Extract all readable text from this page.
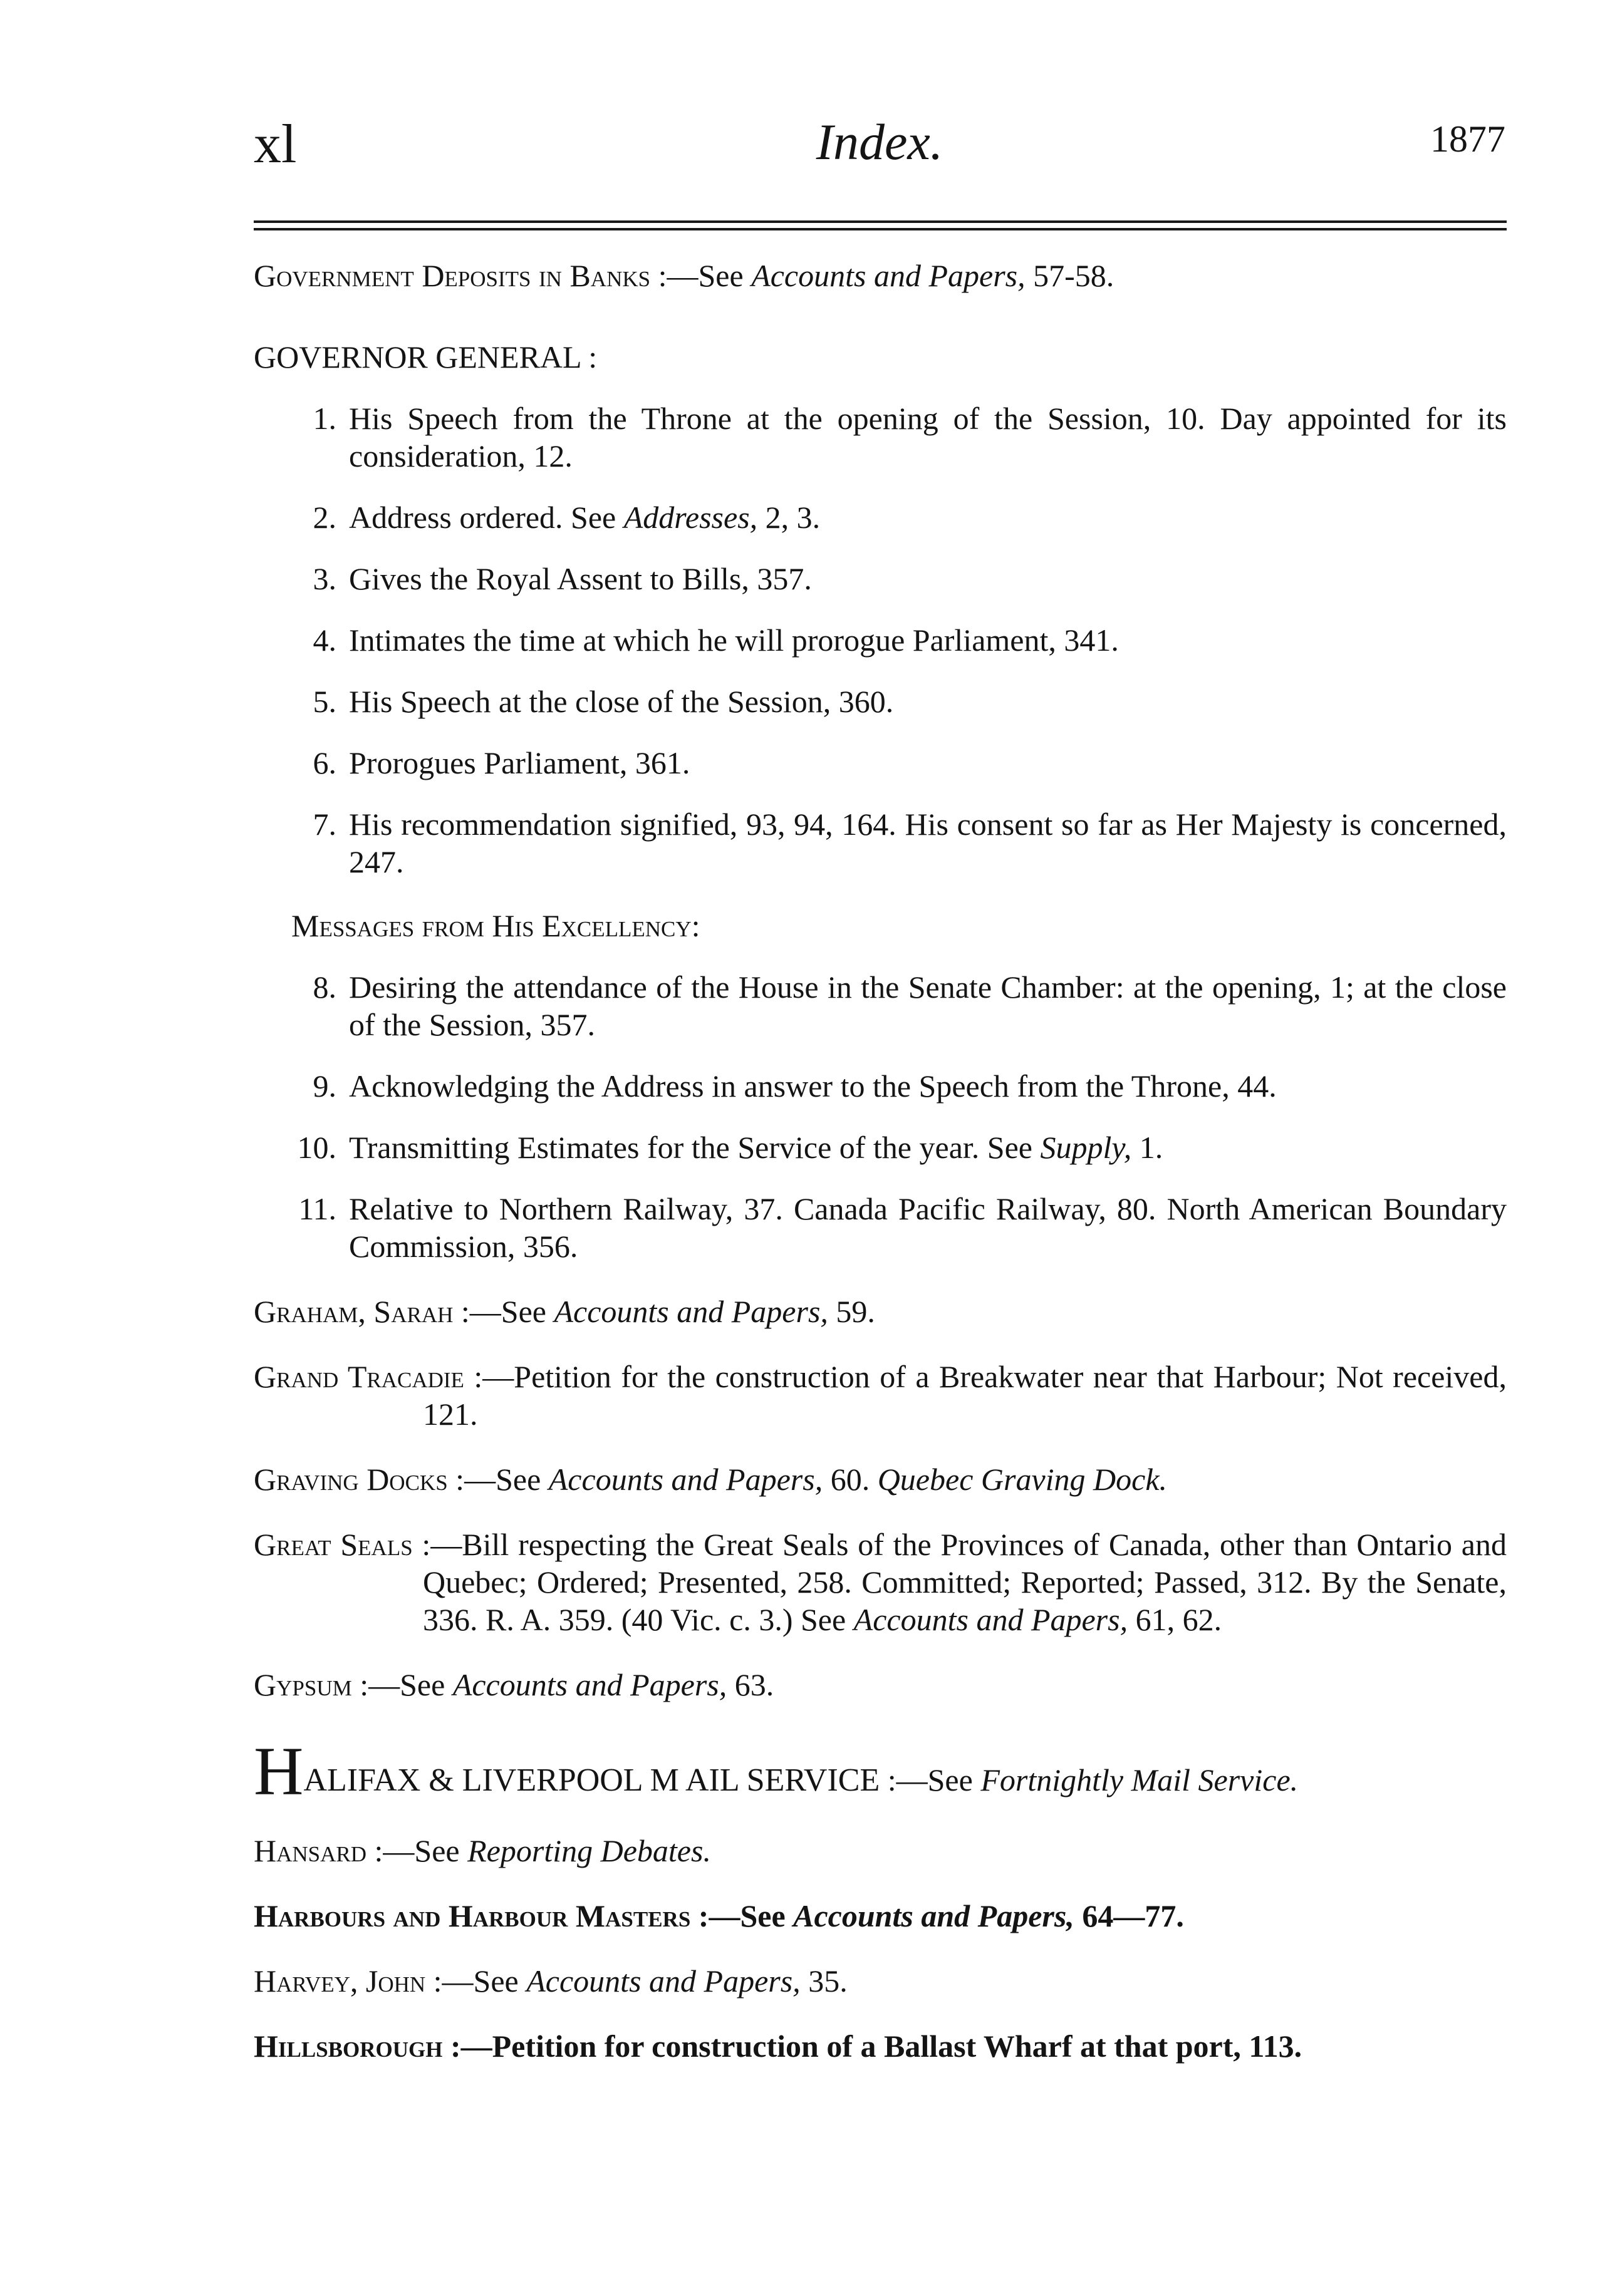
xl	Index.	1877
Government Deposits in Banks :—See Accounts and Papers, 57-58.
GOVERNOR GENERAL :
1. His Speech from the Throne at the opening of the Session, 10. Day appointed for its consideration, 12.
2. Address ordered. See Addresses, 2, 3.
3. Gives the Royal Assent to Bills, 357.
4. Intimates the time at which he will prorogue Parliament, 341.
5. His Speech at the close of the Session, 360.
6. Prorogues Parliament, 361.
7. His recommendation signified, 93, 94, 164. His consent so far as Her Majesty is concerned, 247.
Messages from His Excellency:
8. Desiring the attendance of the House in the Senate Chamber: at the opening, 1; at the close of the Session, 357.
9. Acknowledging the Address in answer to the Speech from the Throne, 44.
10. Transmitting Estimates for the Service of the year. See Supply, 1.
11. Relative to Northern Railway, 37. Canada Pacific Railway, 80. North American Boundary Commission, 356.
Graham, Sarah :—See Accounts and Papers, 59.
Grand Tracadie :—Petition for the construction of a Breakwater near that Harbour; Not received, 121.
Graving Docks :—See Accounts and Papers, 60. Quebec Graving Dock.
Great Seals :—Bill respecting the Great Seals of the Provinces of Canada, other than Ontario and Quebec; Ordered; Presented, 258. Committed; Reported; Passed, 312. By the Senate, 336. R. A. 359. (40 Vic. c. 3.) See Accounts and Papers, 61, 62.
Gypsum :—See Accounts and Papers, 63.
HALIFAX & LIVERPOOL M AIL SERVICE :—See Fortnightly Mail Service.
Hansard :—See Reporting Debates.
Harbours and Harbour Masters :—See Accounts and Papers, 64—77.
Harvey, John :—See Accounts and Papers, 35.
Hillsborough :—Petition for construction of a Ballast Wharf at that port, 113.
